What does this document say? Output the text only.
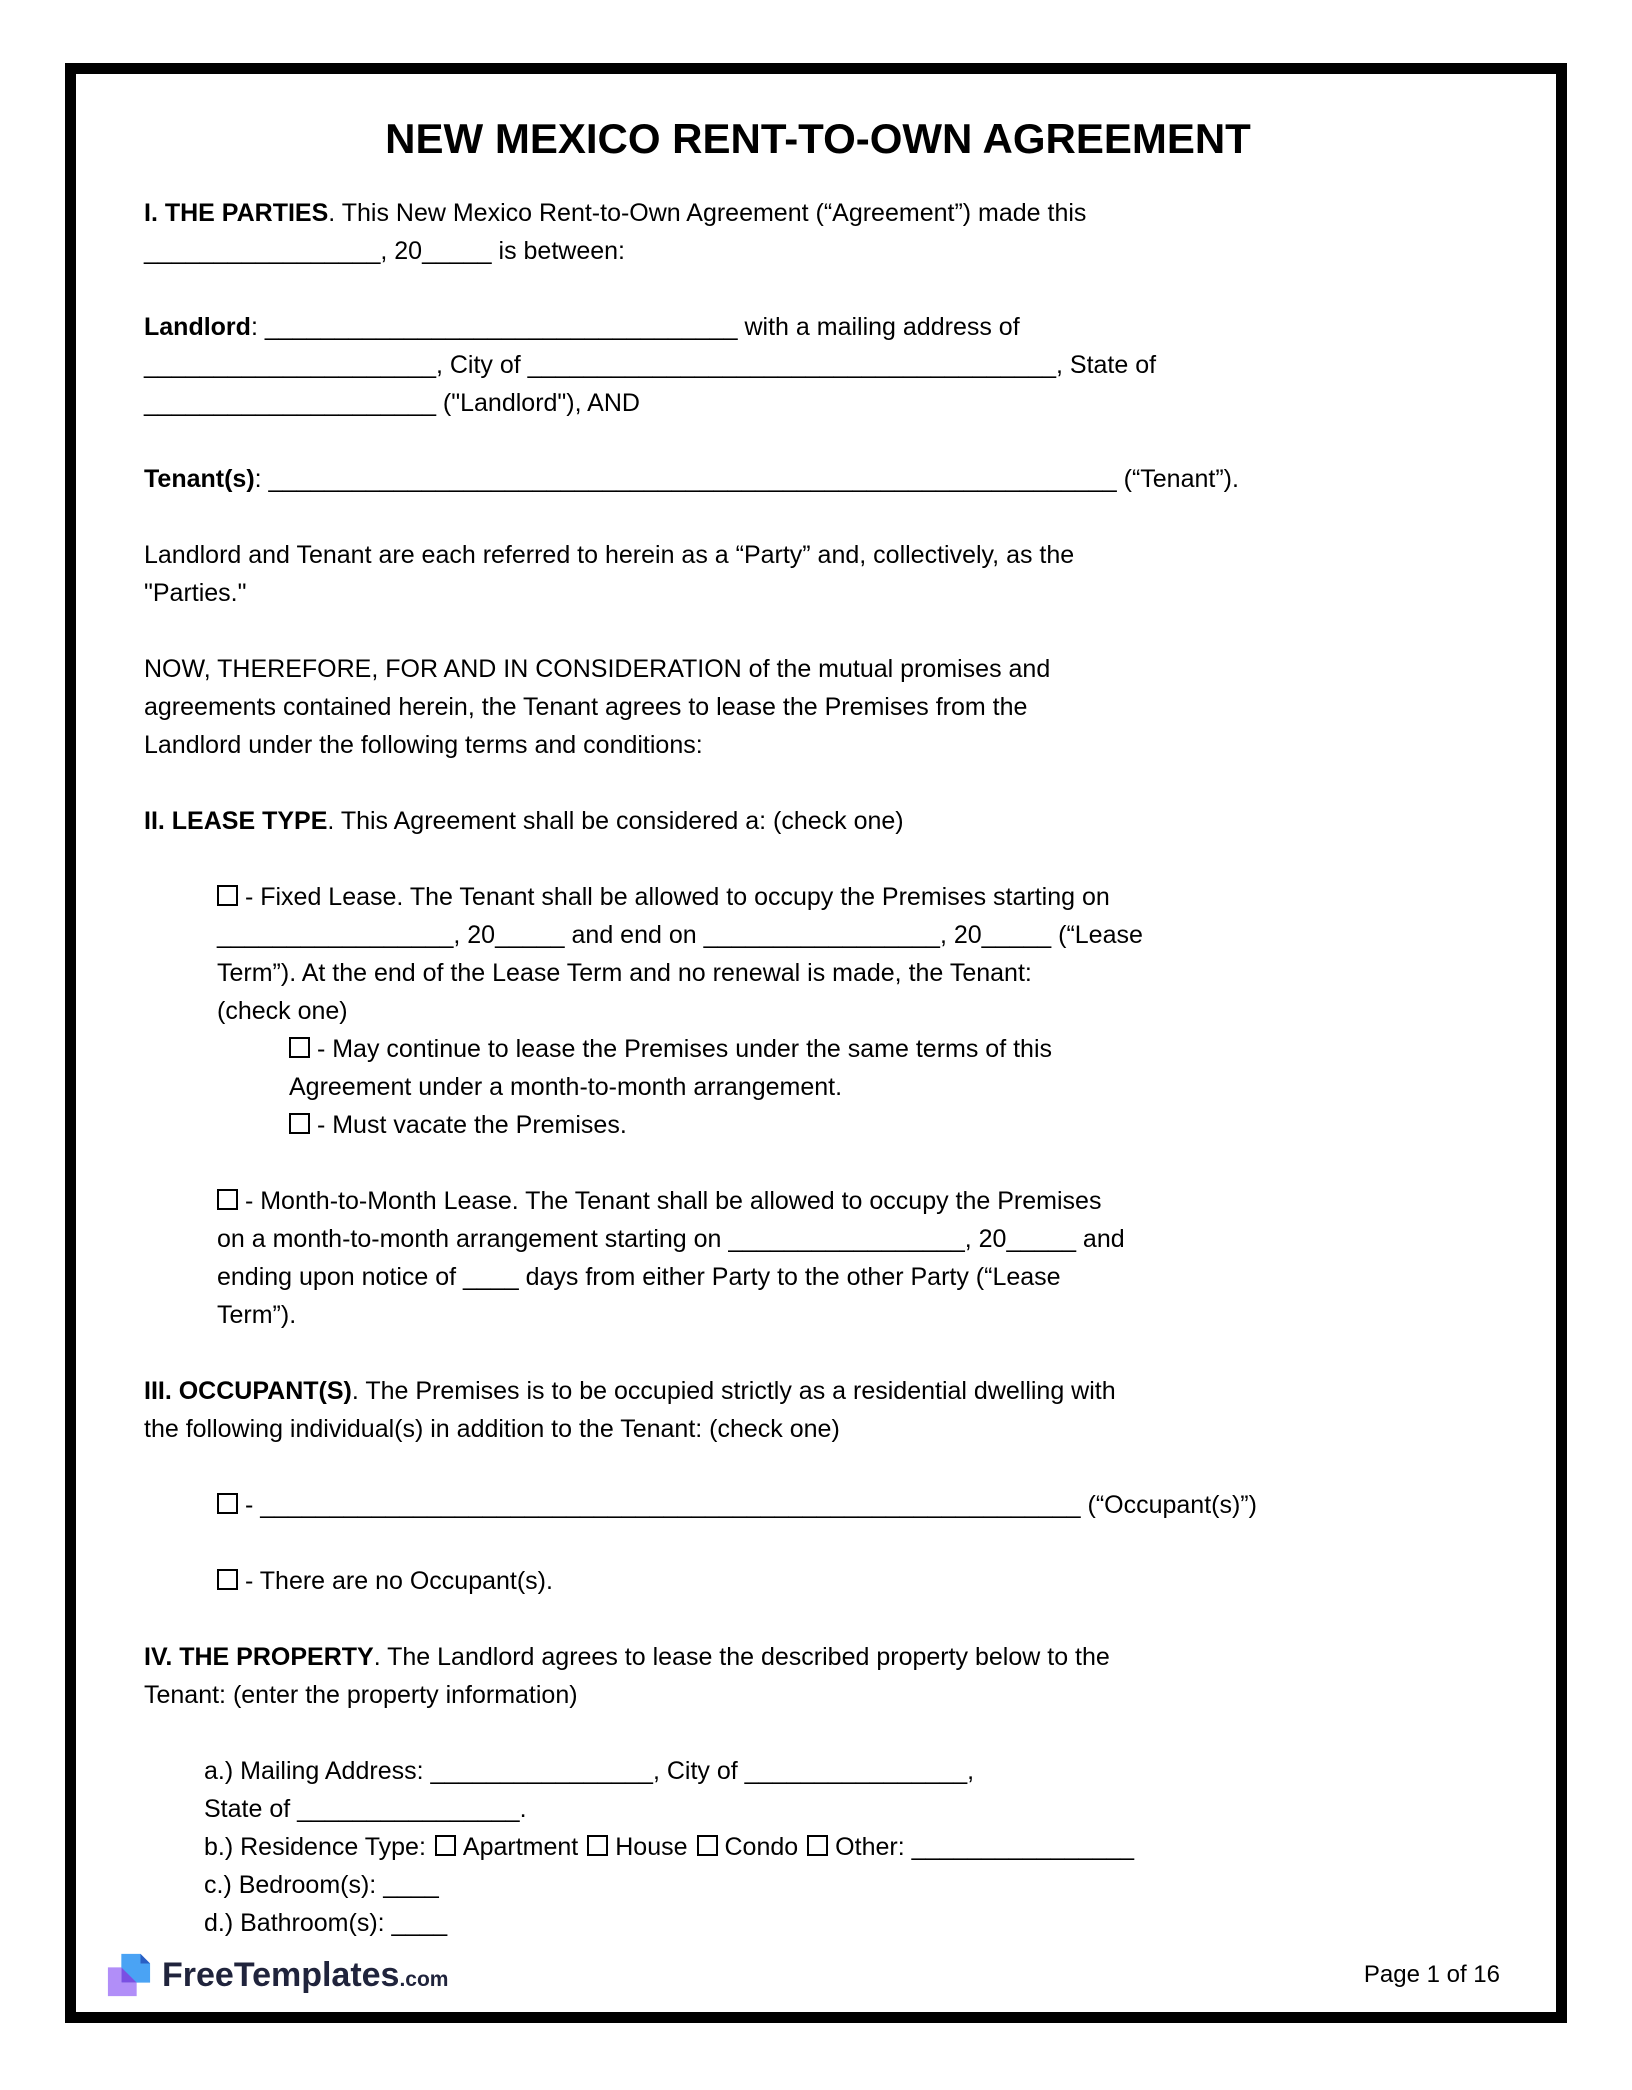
NEW MEXICO RENT-TO-OWN AGREEMENT

I. THE PARTIES. This New Mexico Rent-to-Own Agreement (“Agreement”) made this
_________________, 20_____ is between:

Landlord: __________________________________ with a mailing address of
_____________________, City of ______________________________________, State of
_____________________ ("Landlord"), AND

Tenant(s): _____________________________________________________________ (“Tenant”).

Landlord and Tenant are each referred to herein as a “Party” and, collectively, as the
"Parties."

NOW, THEREFORE, FOR AND IN CONSIDERATION of the mutual promises and
agreements contained herein, the Tenant agrees to lease the Premises from the
Landlord under the following terms and conditions:

II. LEASE TYPE. This Agreement shall be considered a: (check one)

- Fixed Lease. The Tenant shall be allowed to occupy the Premises starting on
_________________, 20_____ and end on _________________, 20_____ (“Lease
Term”). At the end of the Lease Term and no renewal is made, the Tenant:
(check one)

- May continue to lease the Premises under the same terms of this
Agreement under a month-to-month arrangement.

- Must vacate the Premises.

- Month-to-Month Lease. The Tenant shall be allowed to occupy the Premises
on a month-to-month arrangement starting on _________________, 20_____ and
ending upon notice of ____ days from either Party to the other Party (“Lease
Term”).

III. OCCUPANT(S). The Premises is to be occupied strictly as a residential dwelling with
the following individual(s) in addition to the Tenant: (check one)

- ___________________________________________________________ (“Occupant(s)”)

- There are no Occupant(s).

IV. THE PROPERTY. The Landlord agrees to lease the described property below to the
Tenant: (enter the property information)

a.) Mailing Address: ________________, City of ________________,
State of ________________.
b.) Residence Type: Apartment House Condo Other: ________________
c.) Bedroom(s): ____
d.) Bathroom(s): ____

FreeTemplates.com	Page 1 of 16
